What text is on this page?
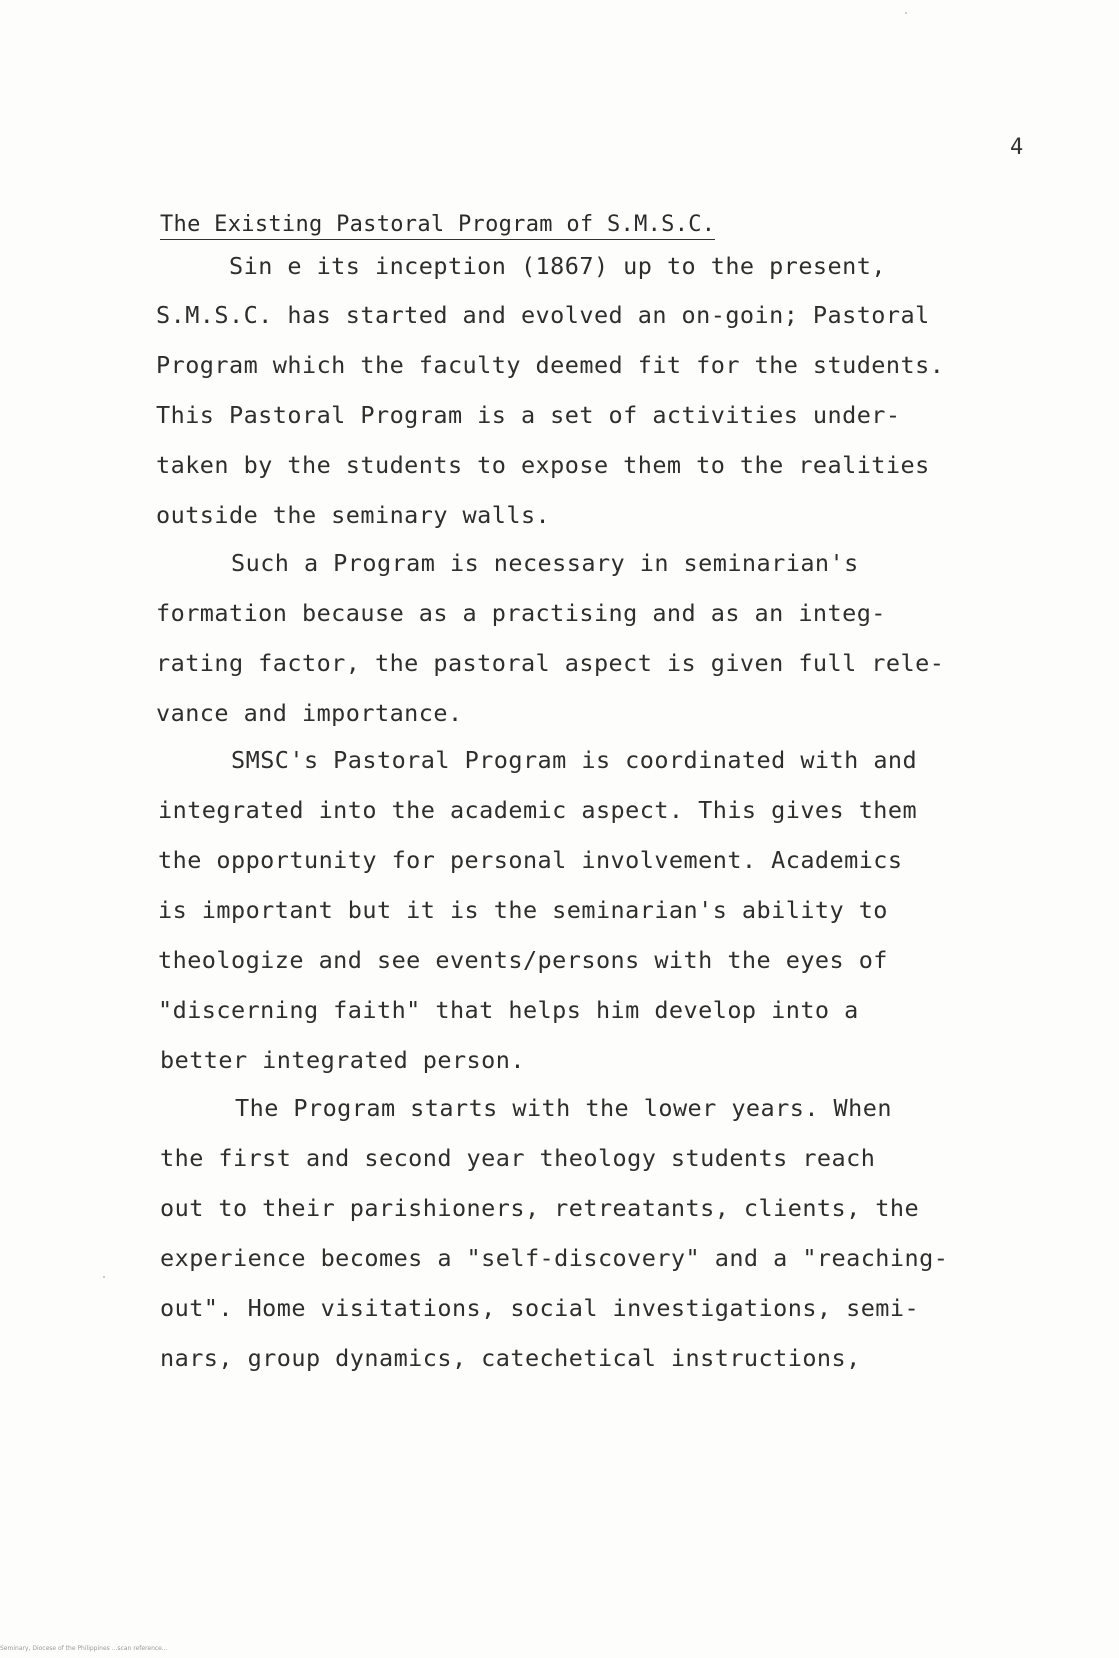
4
The Existing Pastoral Program of S.M.S.C.
Sin e its inception (1867) up to the present,
S.M.S.C. has started and evolved an on-goin; Pastoral
Program which the faculty deemed fit for the students.
This Pastoral Program is a set of activities under-
taken by the students to expose them to the realities
outside the seminary walls.
Such a Program is necessary in seminarian's
formation because as a practising and as an integ-
rating factor, the pastoral aspect is given full rele-
vance and importance.
SMSC's Pastoral Program is coordinated with and
integrated into the academic aspect. This gives them
the opportunity for personal involvement. Academics
is important but it is the seminarian's ability to
theologize and see events/persons with the eyes of
"discerning faith" that helps him develop into a
better integrated person.
The Program starts with the lower years. When
the first and second year theology students reach
out to their parishioners, retreatants, clients, the
experience becomes a "self-discovery" and a "reaching-
out". Home visitations, social investigations, semi-
nars, group dynamics, catechetical instructions,
Seminary, Diocese of the Philippines ...scan reference...
